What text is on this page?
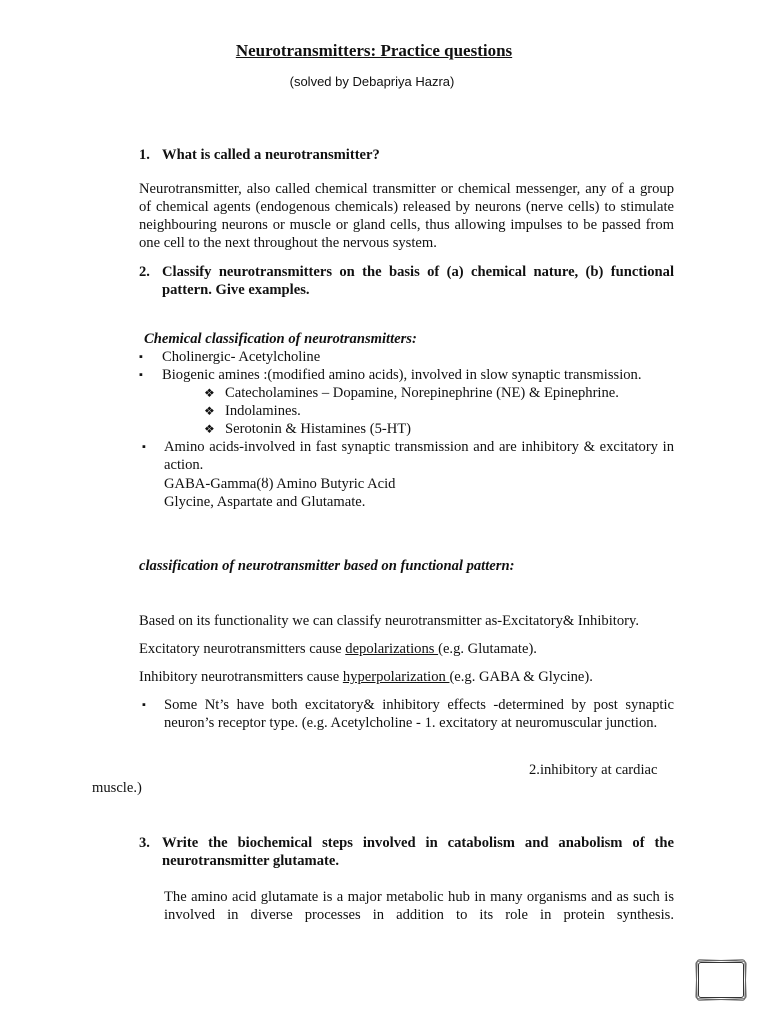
Neurotransmitters: Practice questions
(solved by Debapriya Hazra)
1. What is called a neurotransmitter?
Neurotransmitter, also called chemical transmitter or chemical messenger, any of a group of chemical agents (endogenous chemicals) released by neurons (nerve cells) to stimulate neighbouring neurons or muscle or gland cells, thus allowing impulses to be passed from one cell to the next throughout the nervous system.
2. Classify neurotransmitters on the basis of (a) chemical nature, (b) functional pattern. Give examples.
Chemical classification of neurotransmitters:
▪	Cholinergic- Acetylcholine
▪	Biogenic amines :(modified amino acids), involved in slow synaptic transmission.
❖ Catecholamines – Dopamine, Norepinephrine (NE) & Epinephrine.
❖ Indolamines.
❖ Serotonin & Histamines (5-HT)
▪	Amino acids-involved in fast synaptic transmission and are inhibitory & excitatory in action.
GABA-Gamma(ȣ) Amino Butyric Acid
Glycine, Aspartate and Glutamate.
classification of neurotransmitter based on functional pattern:
Based on its functionality we can classify neurotransmitter as-Excitatory& Inhibitory.
Excitatory neurotransmitters cause depolarizations (e.g. Glutamate).
Inhibitory neurotransmitters cause hyperpolarization (e.g. GABA & Glycine).
▪	Some Nt’s have both excitatory& inhibitory effects -determined by post synaptic neuron’s receptor type. (e.g. Acetylcholine - 1. excitatory at neuromuscular junction.
2.inhibitory at cardiac
muscle.)
3. Write the biochemical steps involved in catabolism and anabolism of the neurotransmitter glutamate.
The amino acid glutamate is a major metabolic hub in many organisms and as such is involved in diverse processes in addition to its role in protein synthesis.
